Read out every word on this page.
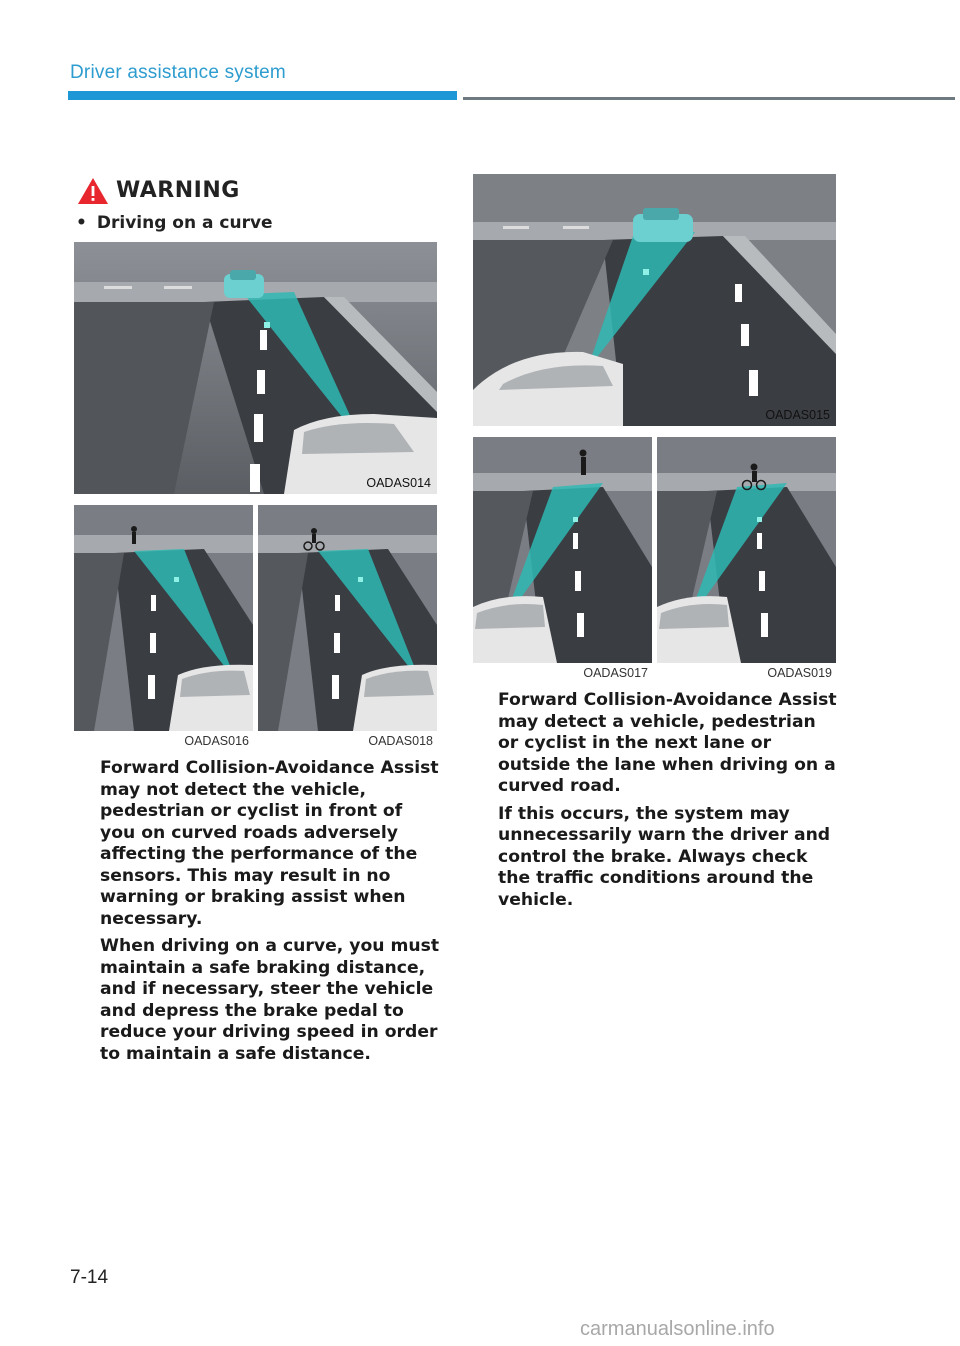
Driver assistance system
WARNING
• Driving on a curve
OADAS014
OADAS016	OADAS018

Forward Collision-Avoidance Assist may not detect the vehicle, pedestrian or cyclist in front of you on curved roads adversely affecting the performance of the sensors. This may result in no warning or braking assist when necessary.

When driving on a curve, you must maintain a safe braking distance, and if necessary, steer the vehicle and depress the brake pedal to reduce your driving speed in order to maintain a safe distance.

OADAS015
OADAS017	OADAS019

Forward Collision-Avoidance Assist may detect a vehicle, pedestrian or cyclist in the next lane or outside the lane when driving on a curved road.

If this occurs, the system may unnecessarily warn the driver and control the brake. Always check the traffic conditions around the vehicle.

7-14
carmanualsonline.info
